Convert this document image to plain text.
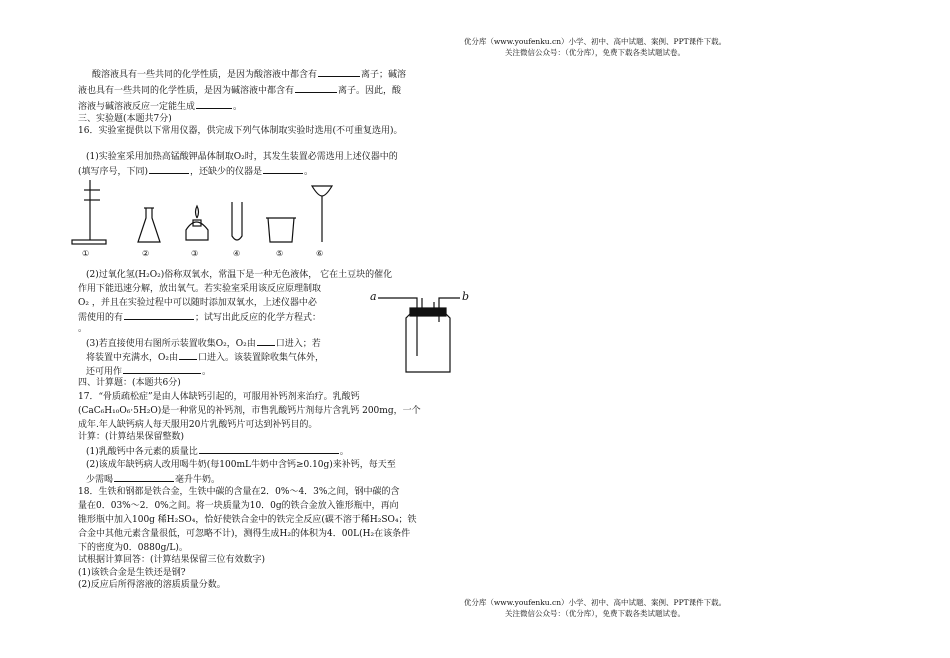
优分库（www.youfenku.cn）小学、初中、高中试题、案例、PPT课件下载。
关注微信公众号：（优分库），免费下载各类试题试卷。
酸溶液具有一些共同的化学性质，是因为酸溶液中都含有	离子；碱溶
液也具有一些共同的化学性质，是因为碱溶液中都含有	离子。因此，酸
溶液与碱溶液反应一定能生成	。
三、实验题(本题共7分)
16．实验室提供以下常用仪器，供完成下列气体制取实验时选用(不可重复选用)。
(1)实验室采用加热高锰酸钾晶体制取O₂时，其发生装置必需选用上述仪器中的
(填写序号，下同)	，还缺少的仪器是	。
①	②	③	④	⑤	⑥
(2)过氧化氢(H₂O₂)俗称双氧水，常温下是一种无色液体， 它在土豆块的催化
作用下能迅速分解，放出氧气。若实验室采用该反应原理制取
O₂ ，并且在实验过程中可以随时添加双氧水，上述仪器中必
需使用的有	；试写出此反应的化学方程式：
。
a	b
(3)若直接使用右图所示装置收集O₂，O₂由 口进入；若
将装置中充满水，O₂由 口进入。该装置除收集气体外，
还可用作	。
四、计算题：(本题共6分)
17．“骨质疏松症”是由人体缺钙引起的，可服用补钙剂来治疗。乳酸钙
(CaC₆H₁₀O₆·5H₂O)是一种常见的补钙剂，市售乳酸钙片剂每片含乳钙 200mg，一个
成年.年人缺钙病人每天服用20片乳酸钙片可达到补钙目的。
计算：(计算结果保留整数)
(1)乳酸钙中各元素的质量比	。
(2)该成年缺钙病人改用喝牛奶(每100mL牛奶中含钙≥0.10g)来补钙，每天至
少需喝	毫升牛奶。
18．生铁和钢都是铁合金，生铁中碳的含量在2．0%～4．3%之间，钢中碳的含
量在0．03%～2．0%之间。将一块质量为10．0g的铁合金放入锥形瓶中，再向
锥形瓶中加入100g 稀H₂SO₄，恰好使铁合金中的铁完全反应(碳不溶于稀H₂SO₄；铁
合金中其他元素含量很低，可忽略不计)，测得生成H₂的体积为4．00L(H₂在该条件
下的密度为0．0880g/L)。
试根据计算回答：(计算结果保留三位有效数字)
(1)该铁合金是生铁还是钢?
(2)反应后所得溶液的溶质质量分数。
优分库（www.youfenku.cn）小学、初中、高中试题、案例、PPT课件下载。
关注微信公众号：（优分库），免费下载各类试题试卷。
